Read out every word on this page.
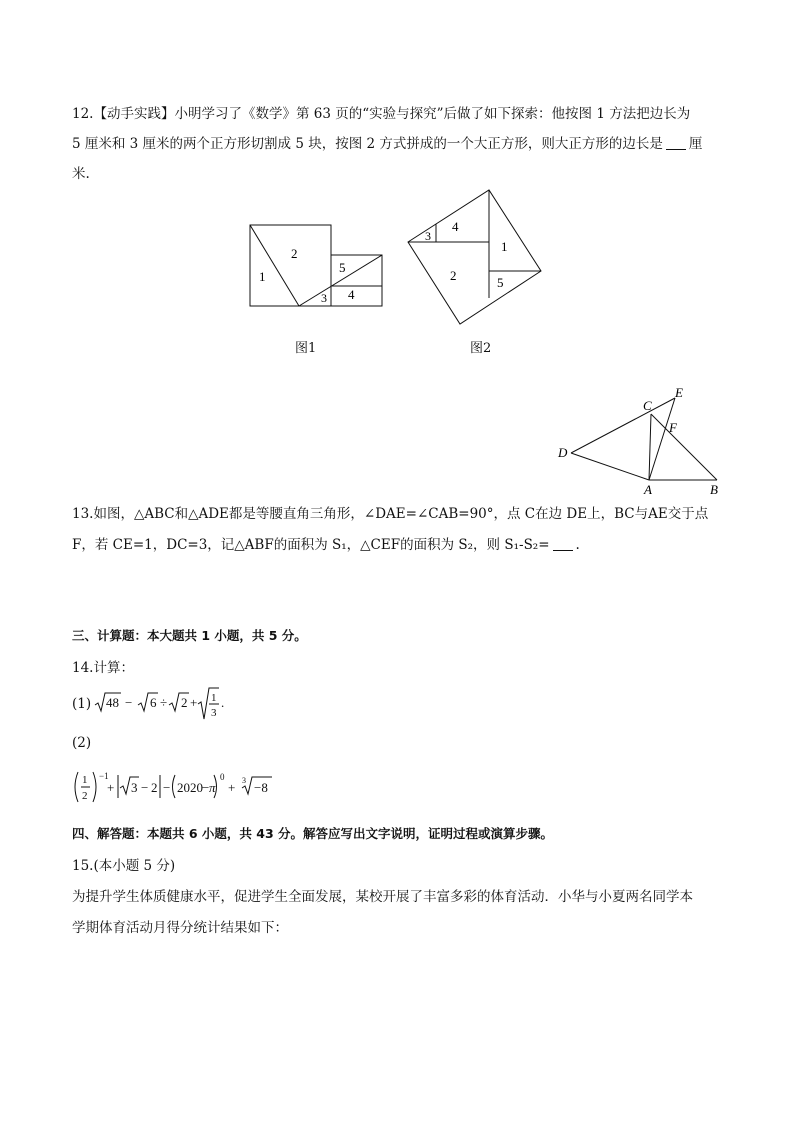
12.【动手实践】小明学习了《数学》第 63 页的“实验与探究”后做了如下探索：他按图 1 方法把边长为
5 厘米和 3 厘米的两个正方形切割成 5 块，按图 2 方式拼成的一个大正方形，则大正方形的边长是 厘
米.
1
2
3 4
5
图1
1
2
3
4
5
图2
D
C
E
F
A	B
13.如图，△ABC和△ADE都是等腰直角三角形，∠DAE=∠CAB=90°，点 C在边 DE上，BC与AE交于点
F，若 CE=1，DC=3，记△ABF的面积为 S₁，△CEF的面积为 S₂，则 S₁-S₂= .
三、计算题：本大题共 1 小题，共 5 分。
14.计算：
(1) 48 − 6 ÷ 2 + 1
3
.
(2)
1
2
−1
+ 3 − 2 − 2020 − π
0
+ 3 −8
四、解答题：本题共 6 小题，共 43 分。解答应写出文字说明，证明过程或演算步骤。
15.(本小题 5 分)
为提升学生体质健康水平，促进学生全面发展，某校开展了丰富多彩的体育活动．小华与小夏两名同学本
学期体育活动月得分统计结果如下：
